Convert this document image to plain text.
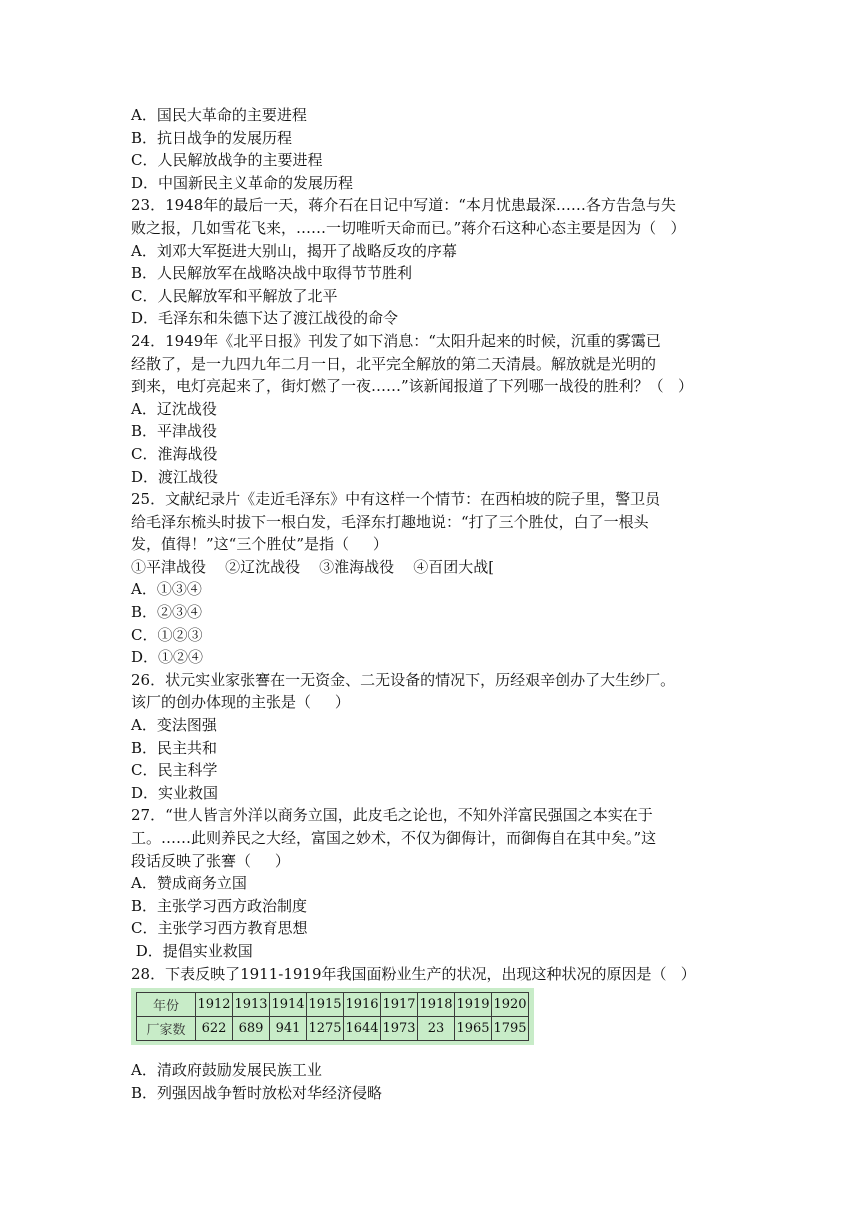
A．国民大革命的主要进程
B．抗日战争的发展历程
C．人民解放战争的主要进程
D．中国新民主义革命的发展历程
23．1948年的最后一天，蒋介石在日记中写道：“本月忧患最深……各方告急与失
败之报，几如雪花飞来，……一切唯听天命而已。”蒋介石这种心态主要是因为（   ）
A．刘邓大军挺进大别山，揭开了战略反攻的序幕
B．人民解放军在战略决战中取得节节胜利
C．人民解放军和平解放了北平
D．毛泽东和朱德下达了渡江战役的命令
24．1949年《北平日报》刊发了如下消息：“太阳升起来的时候，沉重的雾霭已
经散了，是一九四九年二月一日，北平完全解放的第二天清晨。解放就是光明的
到来，电灯亮起来了，街灯燃了一夜……”该新闻报道了下列哪一战役的胜利？（   ）
A．辽沈战役
B．平津战役
C．淮海战役
D．渡江战役
25．文献纪录片《走近毛泽东》中有这样一个情节：在西柏坡的院子里，警卫员
给毛泽东梳头时拔下一根白发，毛泽东打趣地说：“打了三个胜仗，白了一根头
发，值得！”这“三个胜仗”是指（     ）
①平津战役    ②辽沈战役    ③淮海战役    ④百团大战[
A．①③④
B．②③④
C．①②③
D．①②④
26．状元实业家张謇在一无资金、二无设备的情况下，历经艰辛创办了大生纱厂。
该厂的创办体现的主张是（     ）
A．变法图强
B．民主共和
C．民主科学
D．实业救国
27．“世人皆言外洋以商务立国，此皮毛之论也，不知外洋富民强国之本实在于
工。……此则养民之大经，富国之妙术，不仅为御侮计，而御侮自在其中矣。”这
段话反映了张謇（     ）
A．赞成商务立国
B．主张学习西方政治制度
C．主张学习西方教育思想
D．提倡实业救国
28．下表反映了1911-1919年我国面粉业生产的状况，出现这种状况的原因是（   ）
年份	1912	1913	1914	1915	1916	1917	1918	1919	1920
厂家数	622	689	941	1275	1644	1973	23	1965	1795
A．清政府鼓励发展民族工业
B．列强因战争暂时放松对华经济侵略
